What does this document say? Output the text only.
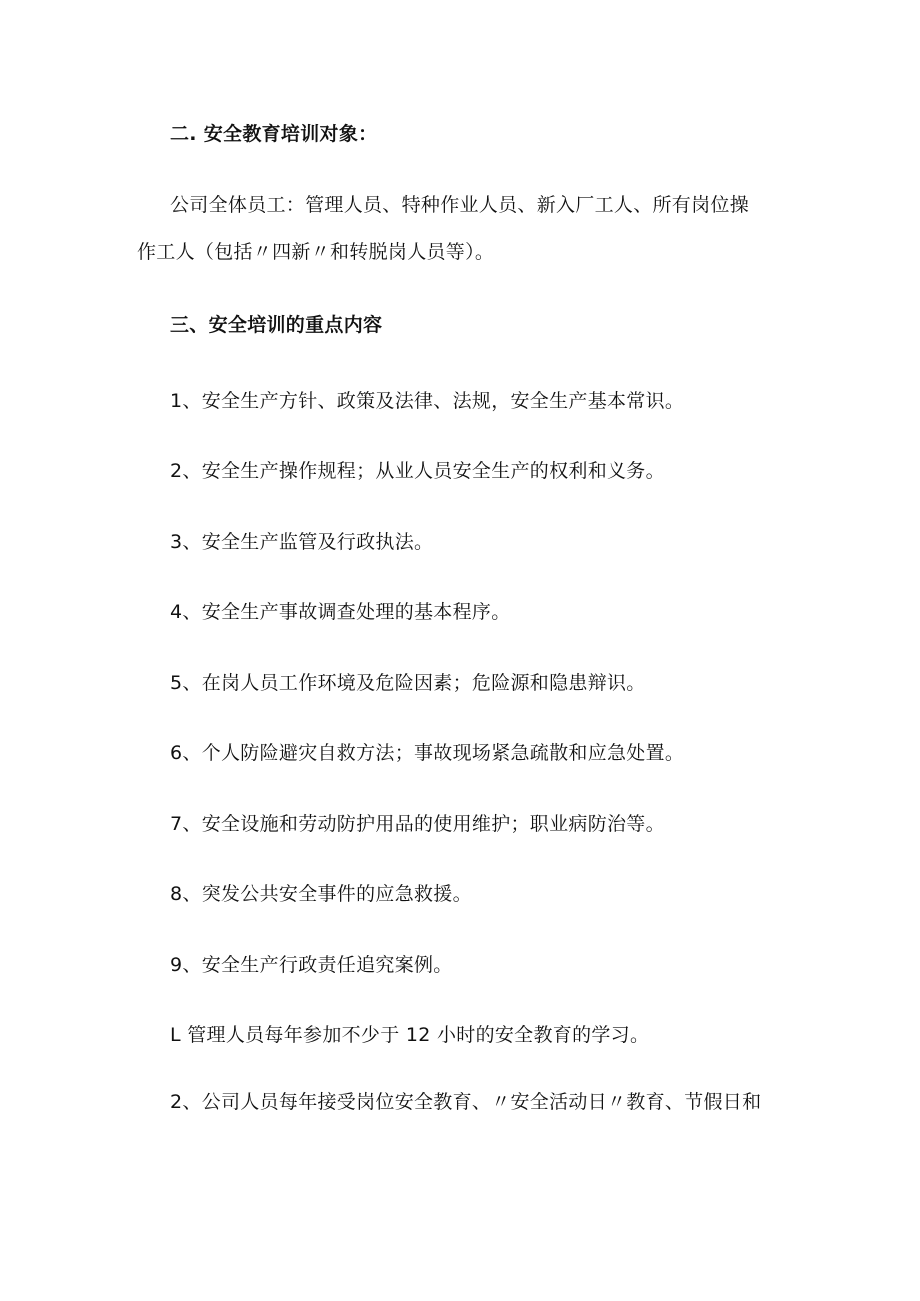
二. 安全教育培训对象：
公司全体员工：管理人员、特种作业人员、新入厂工人、所有岗位操
作工人（包括〃四新〃和转脱岗人员等）。
三、安全培训的重点内容
1、安全生产方针、政策及法律、法规，安全生产基本常识。
2、安全生产操作规程；从业人员安全生产的权利和义务。
3、安全生产监管及行政执法。
4、安全生产事故调查处理的基本程序。
5、在岗人员工作环境及危险因素；危险源和隐患辩识。
6、个人防险避灾自救方法；事故现场紧急疏散和应急处置。
7、安全设施和劳动防护用品的使用维护；职业病防治等。
8、突发公共安全事件的应急救援。
9、安全生产行政责任追究案例。
L 管理人员每年参加不少于 12 小时的安全教育的学习。
2、公司人员每年接受岗位安全教育、〃安全活动日〃教育、节假日和
